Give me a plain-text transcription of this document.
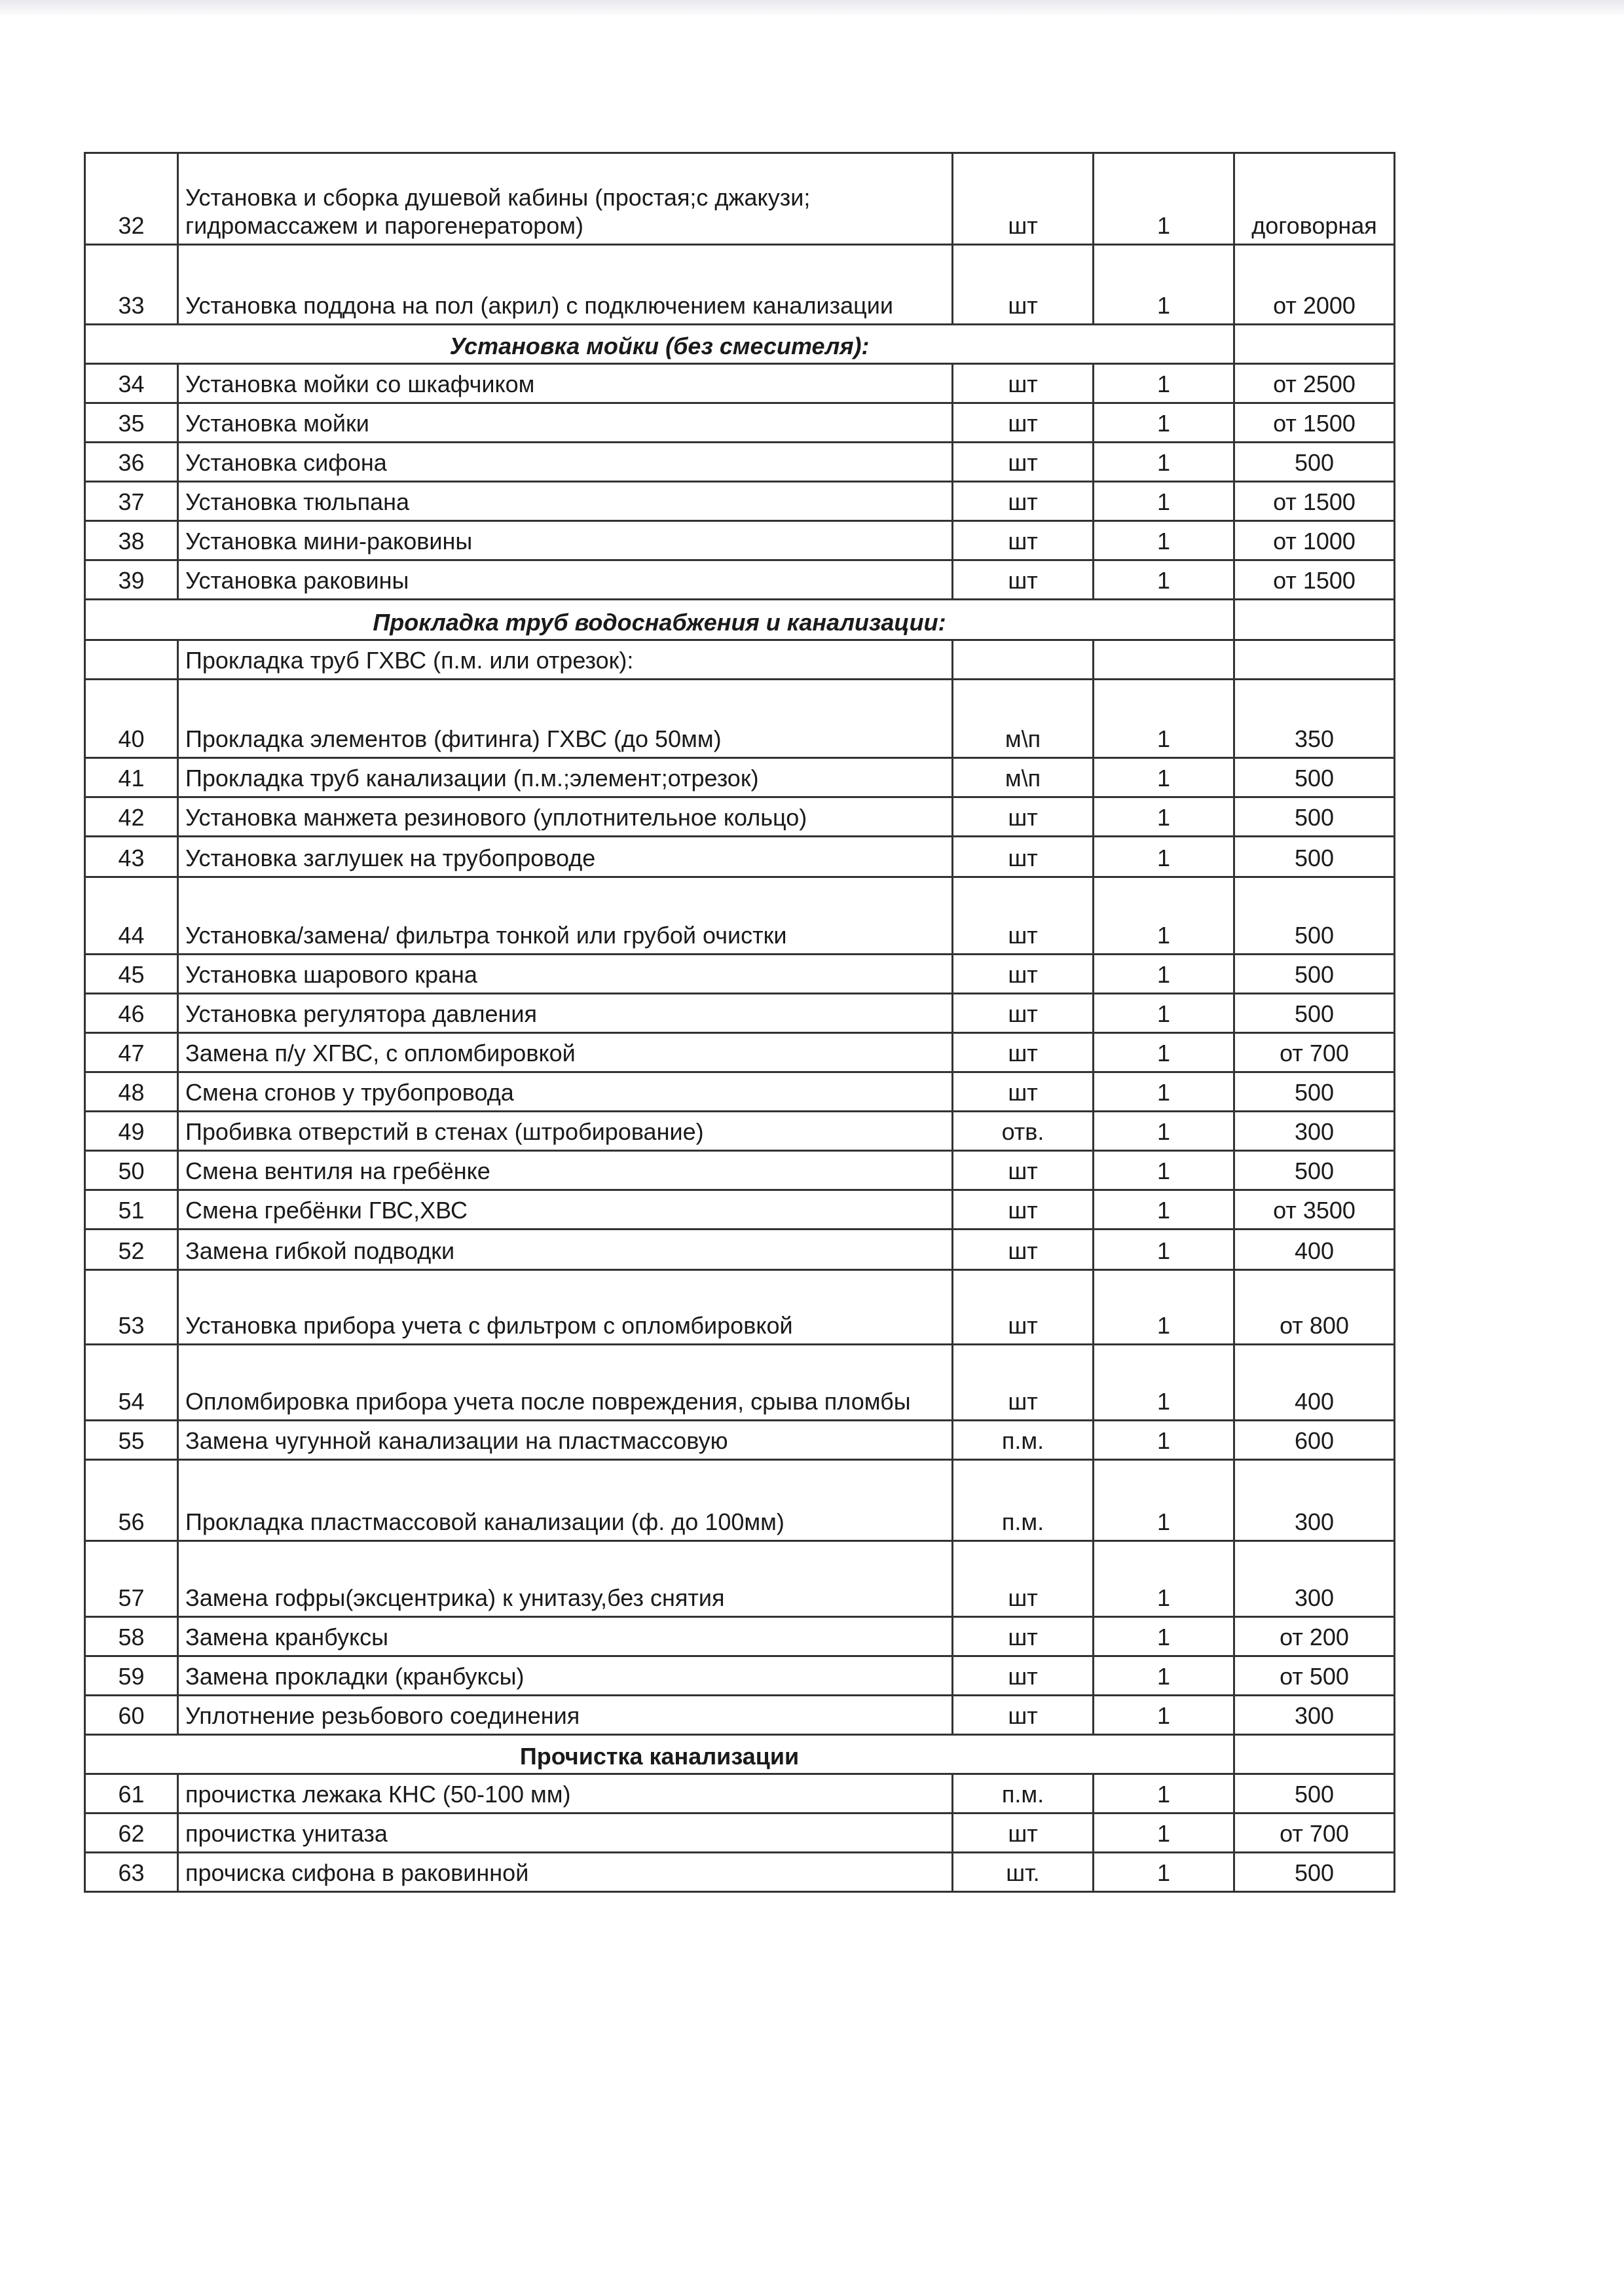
32	Установка и сборка душевой кабины (простая;с джакузи;
гидромассажем и парогенератором)	шт	1	договорная
33	Установка поддона на пол (акрил) с подключением канализации	шт	1	от 2000
Установка мойки (без смесителя):				
34	Установка мойки со шкафчиком	шт	1	от 2500
35	Установка мойки	шт	1	от 1500
36	Установка сифона	шт	1	500
37	Установка тюльпана	шт	1	от 1500
38	Установка мини-раковины	шт	1	от 1000
39	Установка раковины	шт	1	от 1500
Прокладка труб водоснабжения и канализации:				
	Прокладка труб ГХВС (п.м. или отрезок):			
40	Прокладка элементов (фитинга) ГХВС (до 50мм)	м\п	1	350
41	Прокладка труб канализации (п.м.;элемент;отрезок)	м\п	1	500
42	Установка манжета резинового (уплотнительное кольцо)	шт	1	500
43	Установка заглушек на трубопроводе	шт	1	500
44	Установка/замена/ фильтра тонкой или грубой очистки	шт	1	500
45	Установка шарового крана	шт	1	500
46	Установка регулятора давления	шт	1	500
47	Замена п/у ХГВС, с опломбировкой	шт	1	от 700
48	Смена сгонов у трубопровода	шт	1	500
49	Пробивка отверстий в стенах (штробирование)	отв.	1	300
50	Смена вентиля на гребёнке	шт	1	500
51	Смена гребёнки ГВС,ХВС	шт	1	от 3500
52	Замена гибкой подводки	шт	1	400
53	Установка прибора учета с фильтром с опломбировкой	шт	1	от 800
54	Опломбировка прибора учета после повреждения, срыва пломбы	шт	1	400
55	Замена чугунной канализации на пластмассовую	п.м.	1	600
56	Прокладка пластмассовой канализации (ф. до 100мм)	п.м.	1	300
57	Замена гофры(эксцентрика) к унитазу,без снятия	шт	1	300
58	Замена кранбуксы	шт	1	от 200
59	Замена прокладки (кранбуксы)	шт	1	от 500
60	Уплотнение резьбового соединения	шт	1	300
Прочистка канализации				
61	прочистка лежака КНС (50-100 мм)	п.м.	1	500
62	прочистка унитаза	шт	1	от 700
63	прочиска сифона в раковинной	шт.	1	500
